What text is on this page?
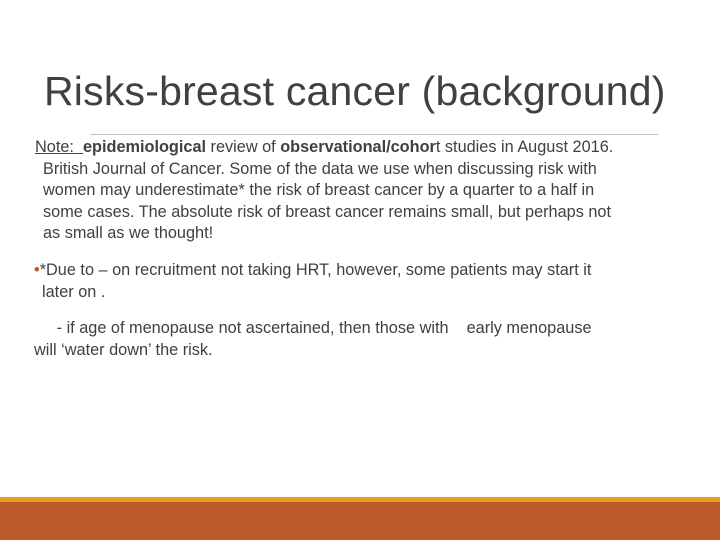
Risks-breast cancer (background)
Note: epidemiological review of observational/cohort studies in August 2016.
British Journal of Cancer. Some of the data we use when discussing risk with
women may underestimate* the risk of breast cancer by a quarter to a half in
some cases. The absolute risk of breast cancer remains small, but perhaps not
as small as we thought!
•*Due to – on recruitment not taking HRT, however, some patients may start it
later on .
- if age of menopause not ascertained, then those with    early menopause
will ‘water down’ the risk.
